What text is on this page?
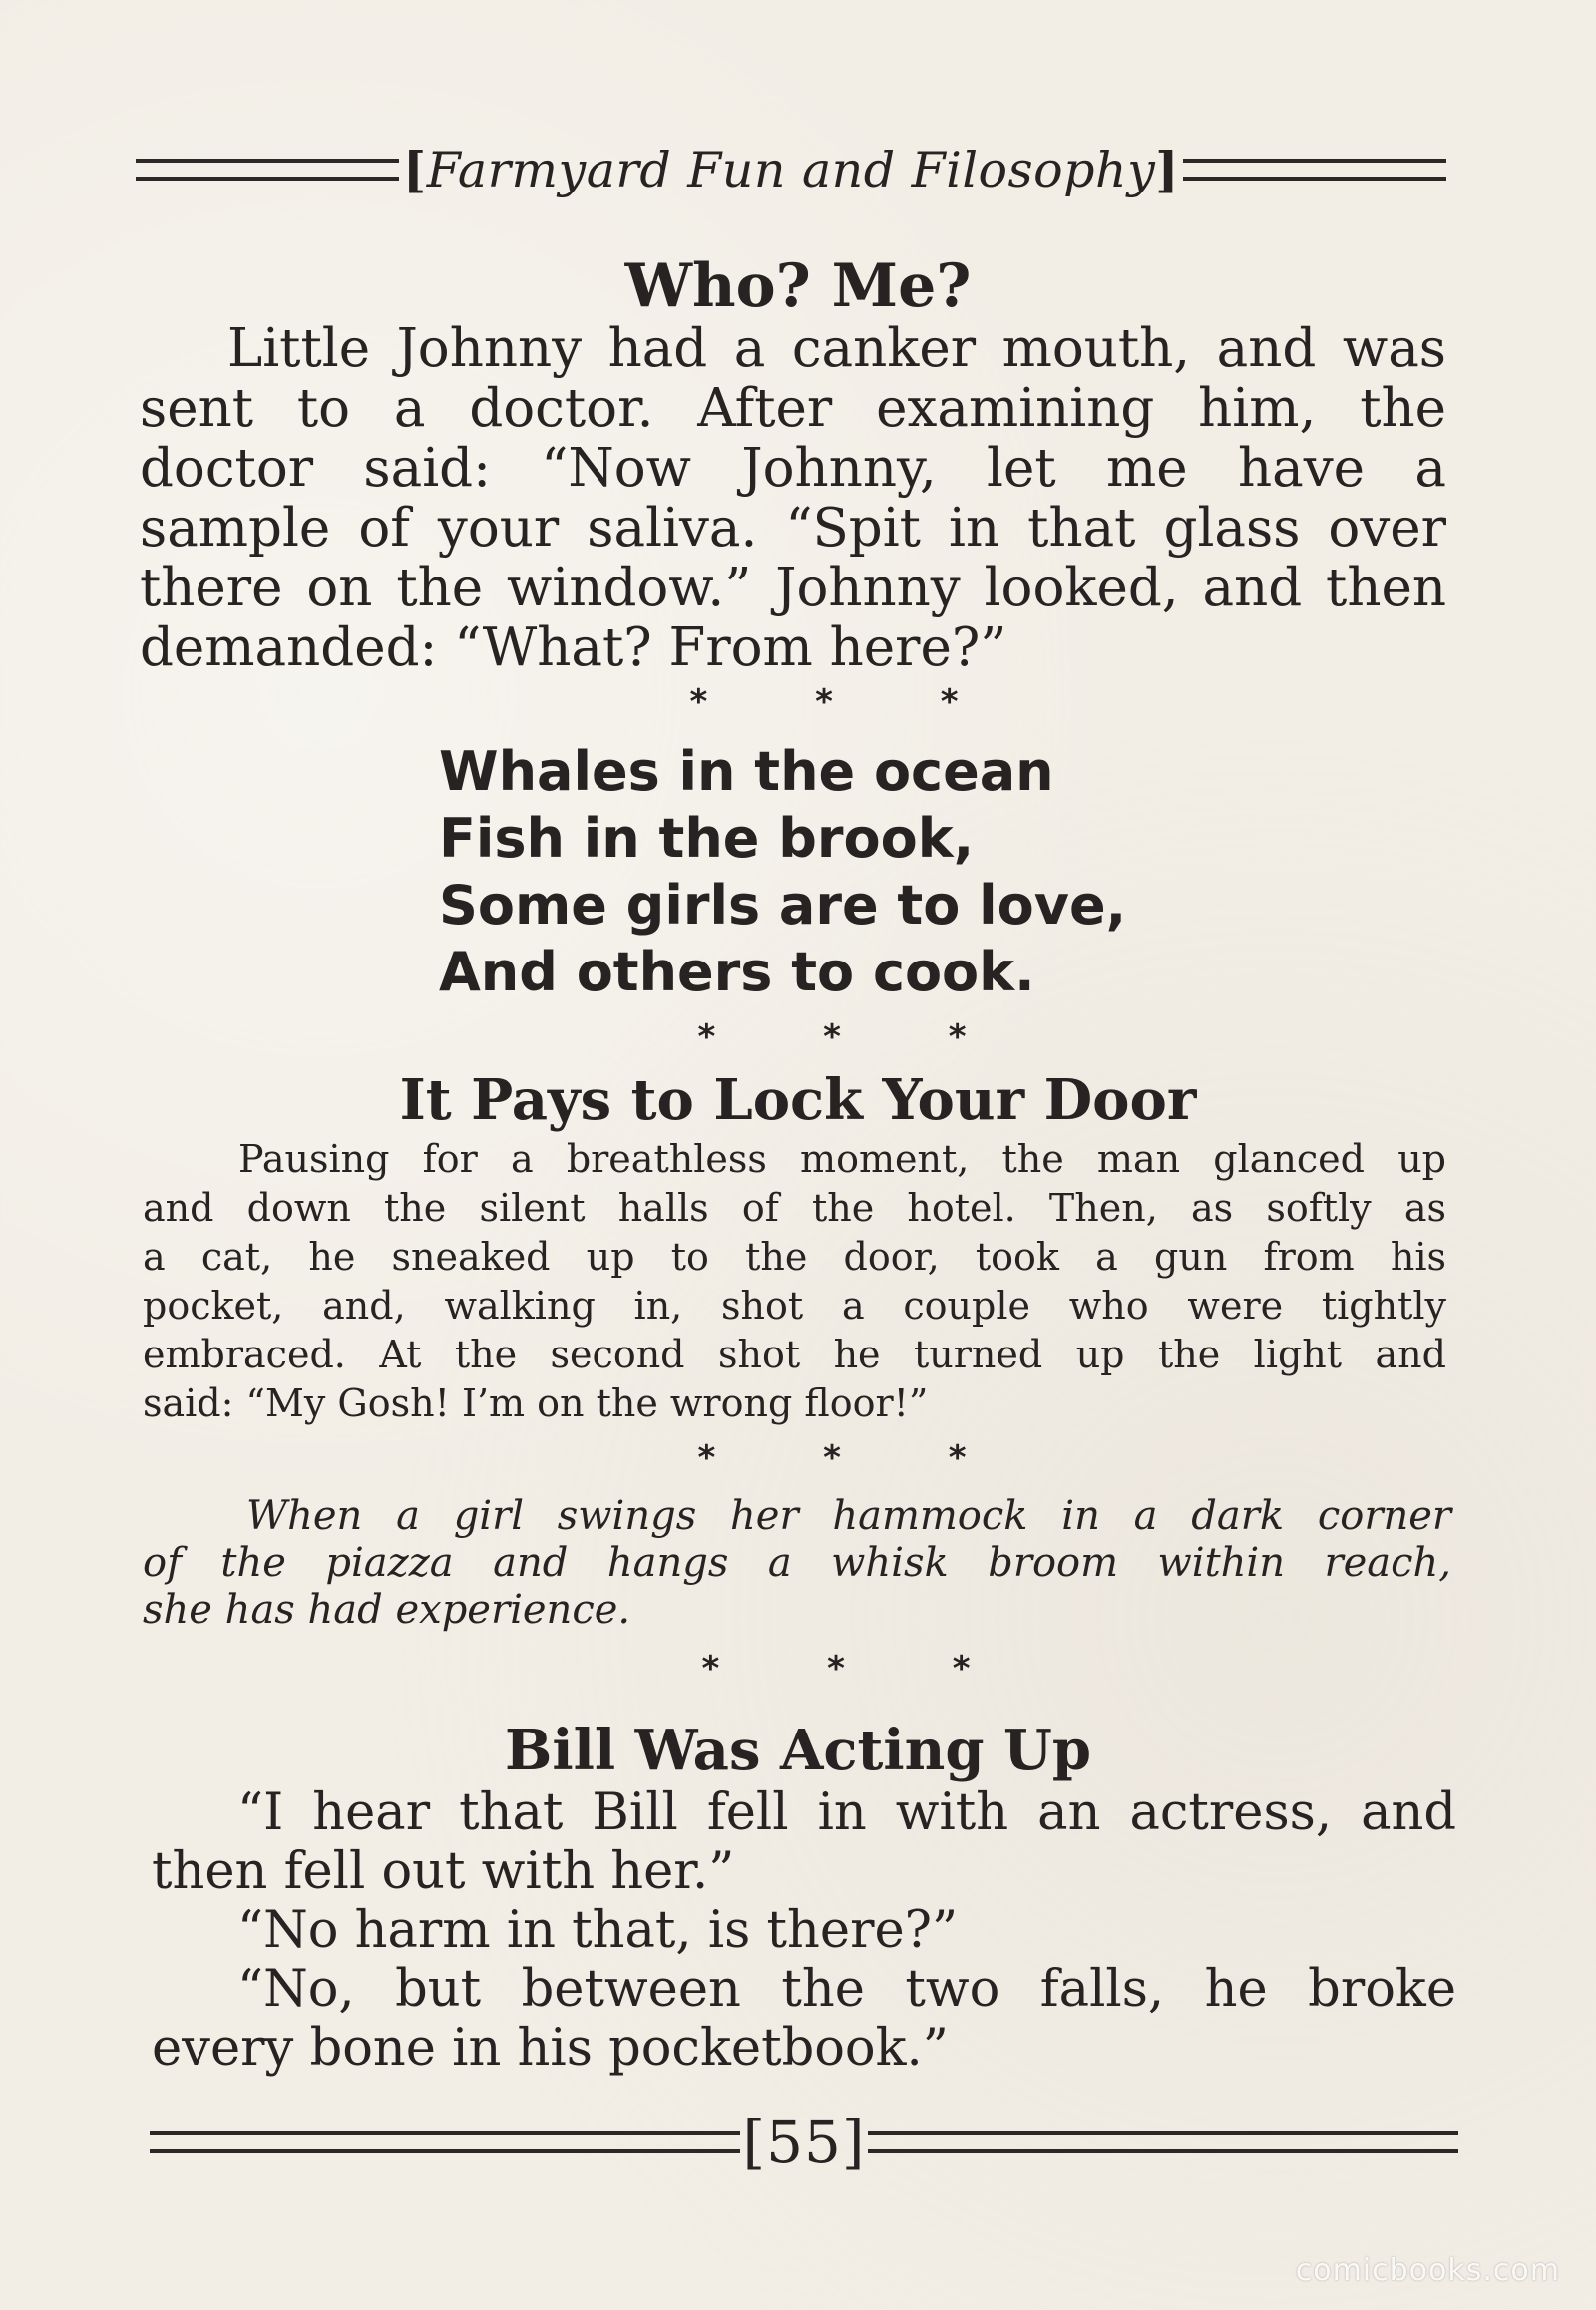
[Farmyard Fun and Filosophy]
Who? Me?
Little Johnny had a canker mouth, and was
sent to a doctor. After examining him, the
doctor said: “Now Johnny, let me have a
sample of your saliva. “Spit in that glass over
there on the window.” Johnny looked, and then
demanded: “What? From here?”
* * *
Whales in the ocean
Fish in the brook,
Some girls are to love,
And others to cook.
* * *
It Pays to Lock Your Door
Pausing for a breathless moment, the man glanced up
and down the silent halls of the hotel. Then, as softly as
a cat, he sneaked up to the door, took a gun from his
pocket, and, walking in, shot a couple who were tightly
embraced. At the second shot he turned up the light and
said: “My Gosh! I’m on the wrong floor!”
* * *
When a girl swings her hammock in a dark corner
of the piazza and hangs a whisk broom within reach,
she has had experience.
* * *
Bill Was Acting Up
“I hear that Bill fell in with an actress, and
then fell out with her.”
“No harm in that, is there?”
“No, but between the two falls, he broke
every bone in his pocketbook.”
[55]
comicbooks.com
